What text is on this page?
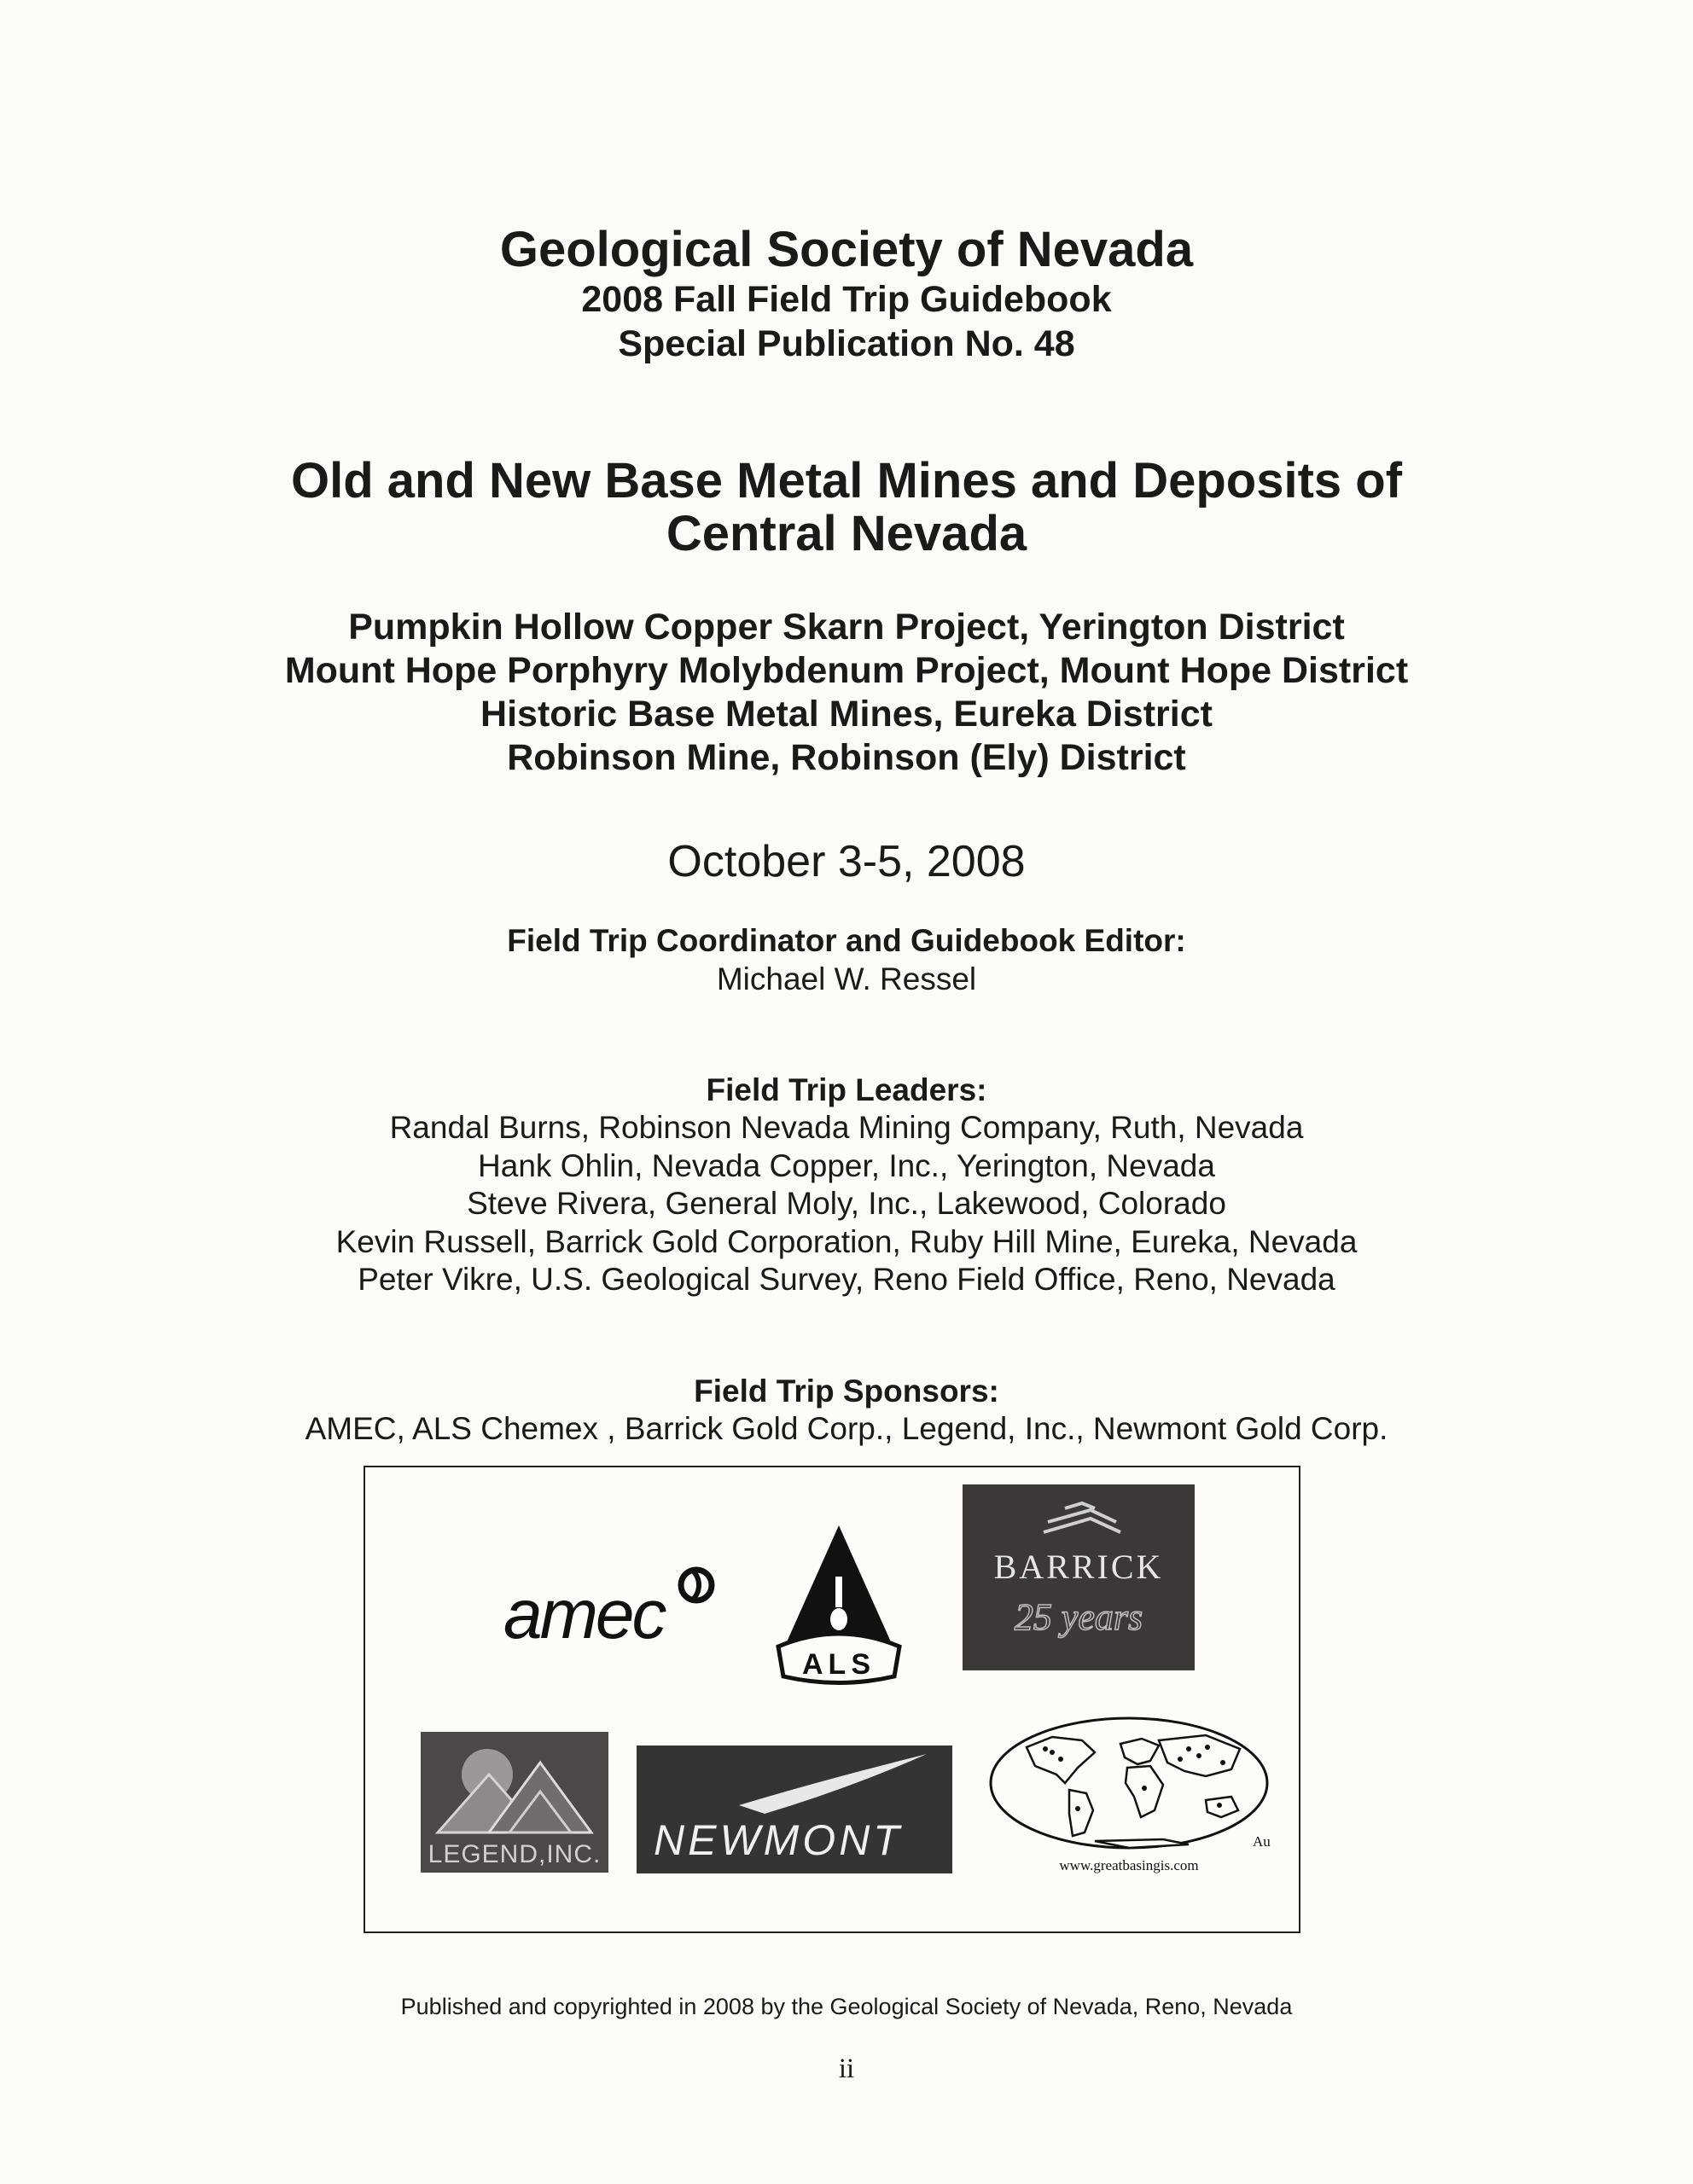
Geological Society of Nevada
2008 Fall Field Trip Guidebook
Special Publication No. 48
Old and New Base Metal Mines and Deposits of
Central Nevada
Pumpkin Hollow Copper Skarn Project, Yerington District
Mount Hope Porphyry Molybdenum Project, Mount Hope District
Historic Base Metal Mines, Eureka District
Robinson Mine, Robinson (Ely) District
October 3-5, 2008
Field Trip Coordinator and Guidebook Editor:
Michael W. Ressel
Field Trip Leaders:
Randal Burns, Robinson Nevada Mining Company, Ruth, Nevada
Hank Ohlin, Nevada Copper, Inc., Yerington, Nevada
Steve Rivera, General Moly, Inc., Lakewood, Colorado
Kevin Russell, Barrick Gold Corporation, Ruby Hill Mine, Eureka, Nevada
Peter Vikre, U.S. Geological Survey, Reno Field Office, Reno, Nevada
Field Trip Sponsors:
AMEC, ALS Chemex , Barrick Gold Corp., Legend, Inc., Newmont Gold Corp.
amec
ALS
BARRICK
25 years
LEGEND,INC. NEWMONT	Au
www.greatbasingis.com
Published and copyrighted in 2008 by the Geological Society of Nevada, Reno, Nevada
ii
